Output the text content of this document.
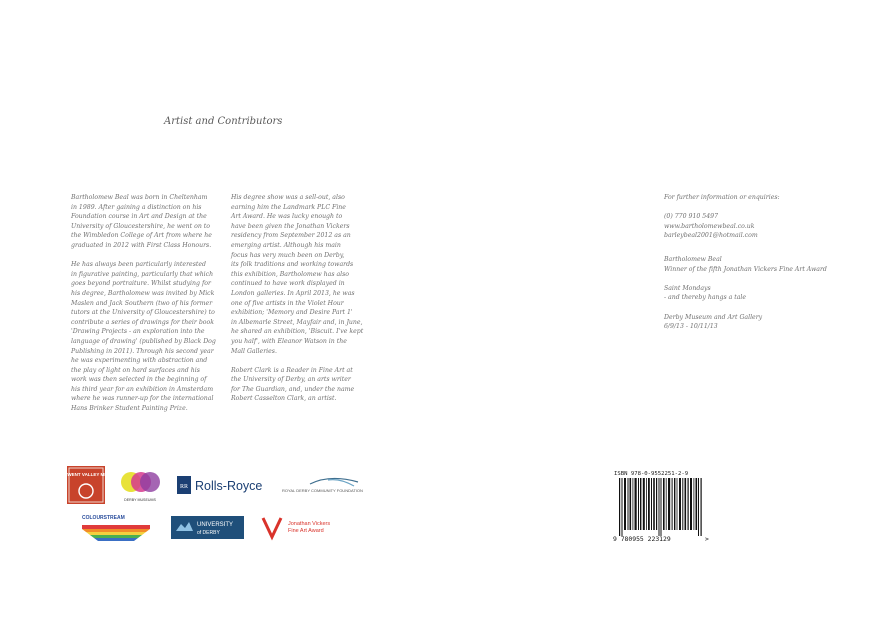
Artist and Contributors

Bartholomew Beal was born in Cheltenham
in 1989. After gaining a distinction on his
Foundation course in Art and Design at the
University of Gloucestershire, he went on to
the Wimbledon College of Art from where he
graduated in 2012 with First Class Honours.

He has always been particularly interested
in figurative painting, particularly that which
goes beyond portraiture. Whilst studying for
his degree, Bartholomew was invited by Mick
Maslen and Jack Southern (two of his former
tutors at the University of Gloucestershire) to
contribute a series of drawings for their book
'Drawing Projects - an exploration into the
language of drawing' (published by Black Dog
Publishing in 2011). Through his second year
he was experimenting with abstraction and
the play of light on hard surfaces and his
work was then selected in the beginning of
his third year for an exhibition in Amsterdam
where he was runner-up for the international
Hans Brinker Student Painting Prize.

His degree show was a sell-out, also
earning him the Landmark PLC Fine
Art Award. He was lucky enough to
have been given the Jonathan Vickers
residency from September 2012 as an
emerging artist. Although his main
focus has very much been on Derby,
its folk traditions and working towards
this exhibition, Bartholomew has also
continued to have work displayed in
London galleries. In April 2013, he was
one of five artists in the Violet Hour
exhibition; 'Memory and Desire Part 1'
in Albemarle Street, Mayfair and, in June,
he shared an exhibition, 'Biscuit. I've kept
you half', with Eleanor Watson in the
Mall Galleries.

Robert Clark is a Reader in Fine Art at
the University of Derby, an arts writer
for The Guardian, and, under the name
Robert Casselton Clark, an artist.

For further information or enquiries:

(0) 770 910 5497
www.bartholomewbeal.co.uk
barleybeal2001@hotmail.com

Bartholomew Beal
Winner of the fifth Jonathan Vickers Fine Art Award

Saint Mondays
- and thereby hangs a tale

Derby Museum and Art Gallery
6/9/13 - 10/11/13

DERWENT VALLEY MILLS
DERBY MUSEUMS
RR Rolls-Royce	ROYAL DERBY COMMUNITY FOUNDATION
COLOURSTREAM
UNIVERSITY
of DERBY
Jonathan Vickers
Fine Art Award
ISBN 978-0-9552251-2-9
9 780955 223129	>
